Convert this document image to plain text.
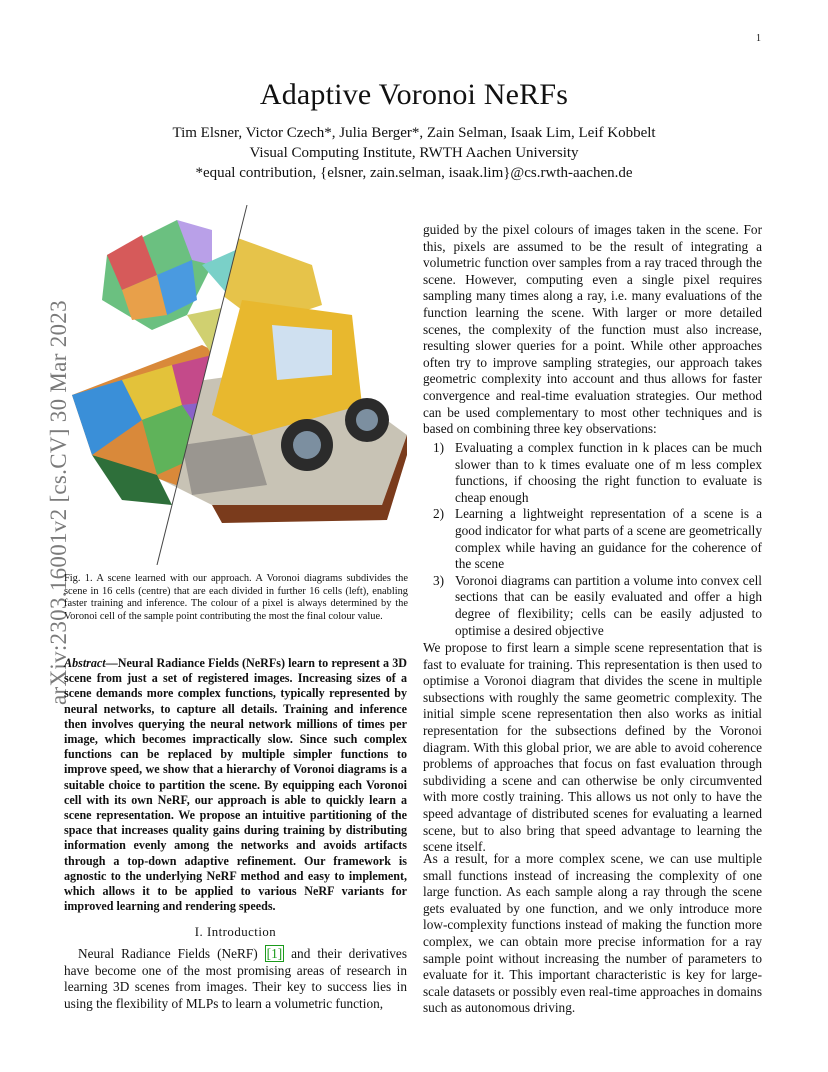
1
Adaptive Voronoi NeRFs
Tim Elsner, Victor Czech*, Julia Berger*, Zain Selman, Isaak Lim, Leif Kobbelt
Visual Computing Institute, RWTH Aachen University
*equal contribution, {elsner, zain.selman, isaak.lim}@cs.rwth-aachen.de
arXiv:2303.16001v2 [cs.CV] 30 Mar 2023
Fig. 1. A scene learned with our approach. A Voronoi diagrams subdivides the scene in 16 cells (centre) that are each divided in further 16 cells (left), enabling faster training and inference. The colour of a pixel is always determined by the Voronoi cell of the sample point contributing the most the final colour value.
Abstract—Neural Radiance Fields (NeRFs) learn to represent a 3D scene from just a set of registered images. Increasing sizes of a scene demands more complex functions, typically represented by neural networks, to capture all details. Training and inference then involves querying the neural network millions of times per image, which becomes impractically slow. Since such complex functions can be replaced by multiple simpler functions to improve speed, we show that a hierarchy of Voronoi diagrams is a suitable choice to partition the scene. By equipping each Voronoi cell with its own NeRF, our approach is able to quickly learn a scene representation. We propose an intuitive partitioning of the space that increases quality gains during training by distributing information evenly among the networks and avoids artifacts through a top-down adaptive refinement. Our framework is agnostic to the underlying NeRF method and easy to implement, which allows it to be applied to various NeRF variants for improved learning and rendering speeds.
I. Introduction
Neural Radiance Fields (NeRF) [1] and their derivatives have become one of the most promising areas of research in learning 3D scenes from images. Their key to success lies in using the flexibility of MLPs to learn a volumetric function,
guided by the pixel colours of images taken in the scene. For this, pixels are assumed to be the result of integrating a volumetric function over samples from a ray traced through the scene. However, computing even a single pixel requires sampling many times along a ray, i.e. many evaluations of the function learning the scene. With larger or more detailed scenes, the complexity of the function must also increase, resulting slower queries for a point. While other approaches often try to improve sampling strategies, our approach takes geometric complexity into account and thus allows for faster convergence and real-time evaluation strategies. Our method can be used complementary to most other techniques and is based on combining three key observations:
1) Evaluating a complex function in k places can be much slower than to k times evaluate one of m less complex functions, if choosing the right function to evaluate is cheap enough
2) Learning a lightweight representation of a scene is a good indicator for what parts of a scene are geometrically complex while having an guidance for the coherence of the scene
3) Voronoi diagrams can partition a volume into convex cell sections that can be easily evaluated and offer a high degree of flexibility; cells can be easily adjusted to optimise a desired objective
We propose to first learn a simple scene representation that is fast to evaluate for training. This representation is then used to optimise a Voronoi diagram that divides the scene in multiple subsections with roughly the same geometric complexity. The initial simple scene representation then also works as initial representation for the subsections defined by the Voronoi diagram. With this global prior, we are able to avoid coherence problems of approaches that focus on fast evaluation through subdividing a scene and can otherwise be only circumvented with more costly training. This allows us not only to have the speed advantage of distributed scenes for evaluating a learned scene, but to also bring that speed advantage to learning the scene itself.
As a result, for a more complex scene, we can use multiple small functions instead of increasing the complexity of one large function. As each sample along a ray through the scene gets evaluated by one function, and we only introduce more low-complexity functions instead of making the function more complex, we can obtain more precise information for a ray sample point without increasing the number of parameters to evaluate for it. This important characteristic is key for large-scale datasets or possibly even real-time approaches in domains such as autonomous driving.
